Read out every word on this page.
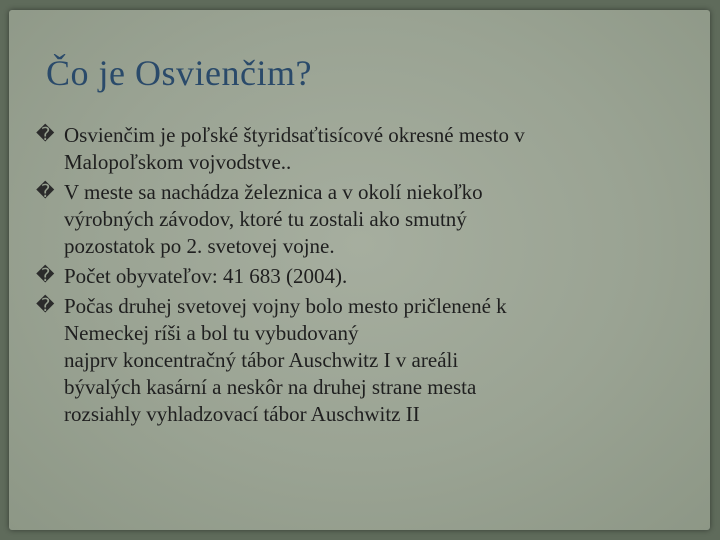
Čo je Osvienčim?
� Osvienčim je poľské štyridsaťtisícové okresné mesto v
Malopoľskom vojvodstve..
� V meste sa nachádza železnica a v okolí niekoľko
výrobných závodov, ktoré tu zostali ako smutný
pozostatok po 2. svetovej vojne.
� Počet obyvateľov: 41 683 (2004).
� Počas druhej svetovej vojny bolo mesto pričlenené k
Nemeckej ríši a bol tu vybudovaný
najprv koncentračný tábor Auschwitz I v areáli
bývalých kasární a neskôr na druhej strane mesta
rozsiahly vyhladzovací tábor Auschwitz II
